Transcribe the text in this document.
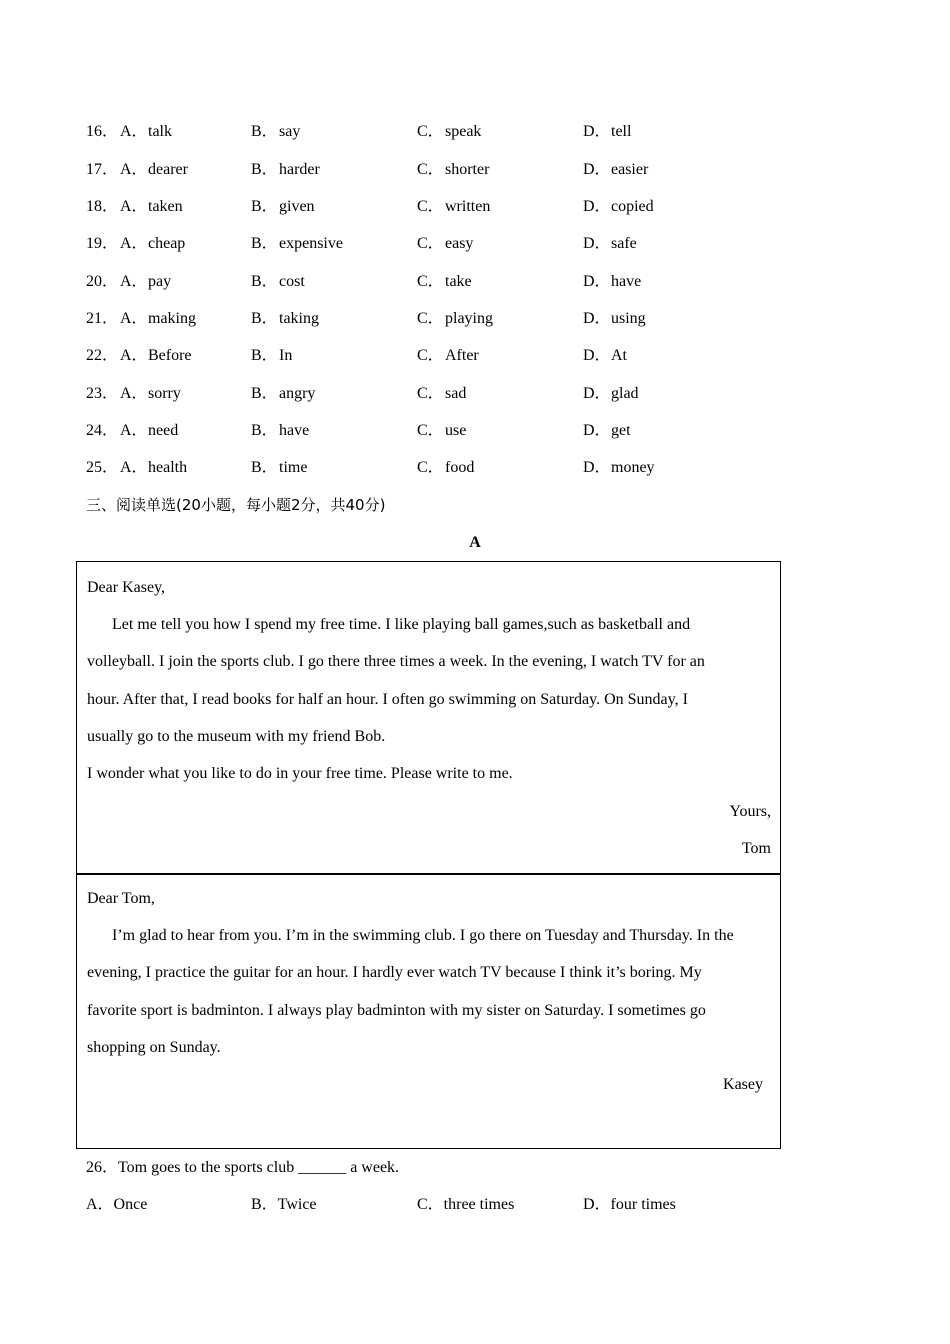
16． A．talk	B．say	C．speak	D．tell
17． A．dearer	B．harder	C．shorter	D．easier
18． A．taken	B．given	C．written	D．copied
19． A．cheap	B．expensive	C．easy	D．safe
20． A．pay	B．cost	C．take	D．have
21． A．making	B．taking	C．playing	D．using
22． A．Before	B．In	C．After	D．At
23． A．sorry	B．angry	C．sad	D．glad
24． A．need	B．have	C．use	D．get
25． A．health	B．time	C．food	D．money
三、阅读单选(20小题，每小题2分，共40分)
A
Dear Kasey,
Let me tell you how I spend my free time. I like playing ball games,such as basketball and
volleyball. I join the sports club. I go there three times a week. In the evening, I watch TV for an
hour. After that, I read books for half an hour. I often go swimming on Saturday. On Sunday, I
usually go to the museum with my friend Bob.
I wonder what you like to do in your free time. Please write to me.
Yours,
Tom
Dear Tom,
I’m glad to hear from you. I’m in the swimming club. I go there on Tuesday and Thursday. In the
evening, I practice the guitar for an hour. I hardly ever watch TV because I think it’s boring. My
favorite sport is badminton. I always play badminton with my sister on Saturday. I sometimes go
shopping on Sunday.
Kasey
26．Tom goes to the sports club ______ a week.
A．Once	B．Twice	C．three times	D．four times
